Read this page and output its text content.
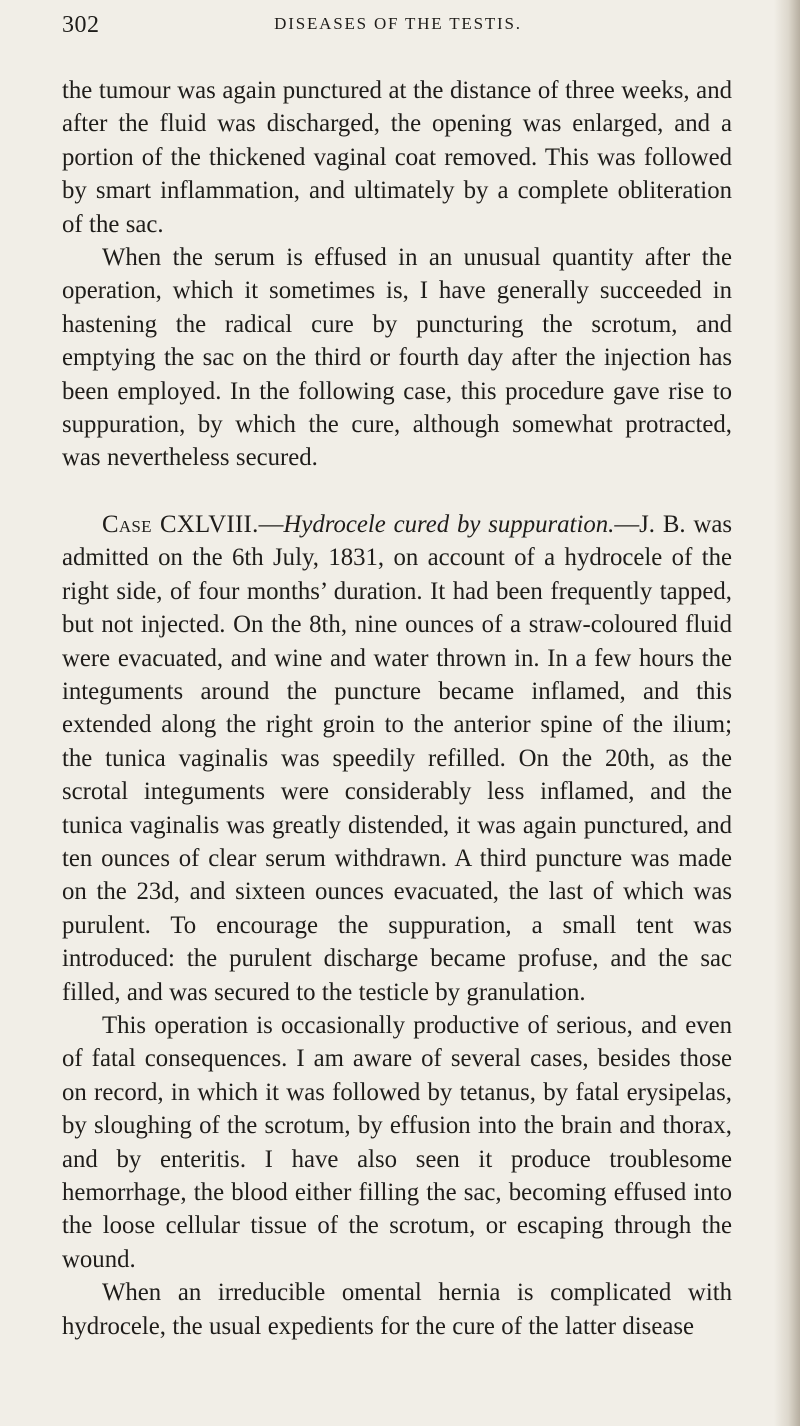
302	DISEASES OF THE TESTIS.

the tumour was again punctured at the distance of three weeks, and after the fluid was discharged, the opening was enlarged, and a portion of the thickened vaginal coat removed. This was followed by smart inflammation, and ultimately by a complete obliteration of the sac.

When the serum is effused in an unusual quantity after the operation, which it sometimes is, I have generally succeeded in hastening the radical cure by puncturing the scrotum, and emptying the sac on the third or fourth day after the injection has been employed. In the following case, this procedure gave rise to suppuration, by which the cure, although somewhat protracted, was nevertheless secured.

Case CXLVIII.—Hydrocele cured by suppuration.—J. B. was admitted on the 6th July, 1831, on account of a hydrocele of the right side, of four months’ duration. It had been frequently tapped, but not injected. On the 8th, nine ounces of a straw-coloured fluid were evacuated, and wine and water thrown in. In a few hours the integuments around the puncture became inflamed, and this extended along the right groin to the anterior spine of the ilium; the tunica vaginalis was speedily refilled. On the 20th, as the scrotal integuments were considerably less inflamed, and the tunica vaginalis was greatly distended, it was again punctured, and ten ounces of clear serum withdrawn. A third puncture was made on the 23d, and sixteen ounces evacuated, the last of which was purulent. To encourage the suppuration, a small tent was introduced: the purulent discharge became profuse, and the sac filled, and was secured to the testicle by granulation.

This operation is occasionally productive of serious, and even of fatal consequences. I am aware of several cases, besides those on record, in which it was followed by tetanus, by fatal erysipelas, by sloughing of the scrotum, by effusion into the brain and thorax, and by enteritis. I have also seen it produce troublesome hemorrhage, the blood either filling the sac, becoming effused into the loose cellular tissue of the scrotum, or escaping through the wound.

When an irreducible omental hernia is complicated with hydrocele, the usual expedients for the cure of the latter disease
